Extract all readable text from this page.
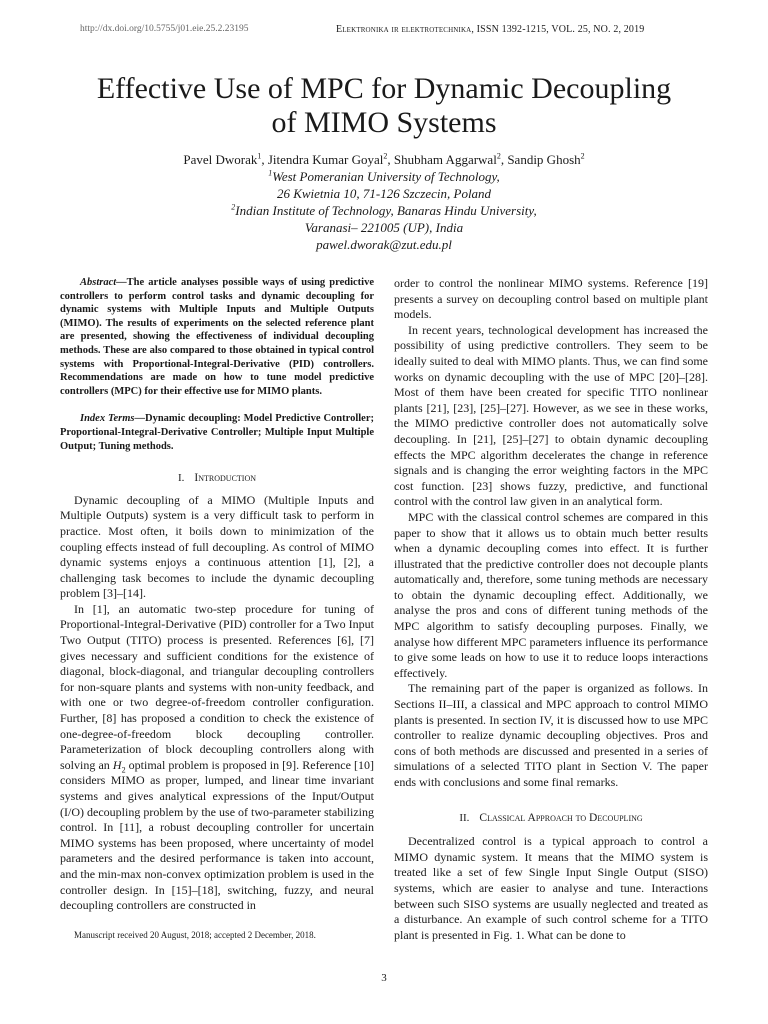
http://dx.doi.org/10.5755/j01.eie.25.2.23195	Elektronika ir elektrotechnika, ISSN 1392-1215, VOL. 25, NO. 2, 2019
Effective Use of MPC for Dynamic Decoupling
of MIMO Systems
Pavel Dworak$^1$, Jitendra Kumar Goyal$^2$, Shubham Aggarwal$^2$, Sandip Ghosh$^2$
$^1$West Pomeranian University of Technology,
26 Kwietnia 10, 71-126 Szczecin, Poland
$^2$Indian Institute of Technology, Banaras Hindu University,
Varanasi– 221005 (UP), India
pawel.dworak@zut.edu.pl

Abstract—The article analyses possible ways of using predictive controllers to perform control tasks and dynamic decoupling for dynamic systems with Multiple Inputs and Multiple Outputs (MIMO). The results of experiments on the selected reference plant are presented, showing the effectiveness of individual decoupling methods. These are also compared to those obtained in typical control systems with Proportional-Integral-Derivative (PID) controllers. Recommendations are made on how to tune model predictive controllers (MPC) for their effective use for MIMO plants.

Index Terms—Dynamic decoupling: Model Predictive Controller; Proportional-Integral-Derivative Controller; Multiple Input Multiple Output; Tuning methods.

I. Introduction

Dynamic decoupling of a MIMO (Multiple Inputs and Multiple Outputs) system is a very difficult task to perform in practice. Most often, it boils down to minimization of the coupling effects instead of full decoupling. As control of MIMO dynamic systems enjoys a continuous attention [1], [2], a challenging task becomes to include the dynamic decoupling problem [3]–[14].

In [1], an automatic two-step procedure for tuning of Proportional-Integral-Derivative (PID) controller for a Two Input Two Output (TITO) process is presented. References [6], [7] gives necessary and sufficient conditions for the existence of diagonal, block-diagonal, and triangular decoupling controllers for non-square plants and systems with non-unity feedback, and with one or two degree-of-freedom controller configuration. Further, [8] has proposed a condition to check the existence of one-degree-of-freedom block decoupling controller. Parameterization of block decoupling controllers along with solving an $H_2$ optimal problem is proposed in [9]. Reference [10] considers MIMO as proper, lumped, and linear time invariant systems and gives analytical expressions of the Input/Output (I/O) decoupling problem by the use of two-parameter stabilizing control. In [11], a robust decoupling controller for uncertain MIMO systems has been proposed, where uncertainty of model parameters and the desired performance is taken into account, and the min-max non-convex optimization problem is used in the controller design. In [15]–[18], switching, fuzzy, and neural decoupling controllers are constructed in

order to control the nonlinear MIMO systems. Reference [19] presents a survey on decoupling control based on multiple plant models.

In recent years, technological development has increased the possibility of using predictive controllers. They seem to be ideally suited to deal with MIMO plants. Thus, we can find some works on dynamic decoupling with the use of MPC [20]–[28]. Most of them have been created for specific TITO nonlinear plants [21], [23], [25]–[27]. However, as we see in these works, the MIMO predictive controller does not automatically solve decoupling. In [21], [25]–[27] to obtain dynamic decoupling effects the MPC algorithm decelerates the change in reference signals and is changing the error weighting factors in the MPC cost function. [23] shows fuzzy, predictive, and functional control with the control law given in an analytical form.

MPC with the classical control schemes are compared in this paper to show that it allows us to obtain much better results when a dynamic decoupling comes into effect. It is further illustrated that the predictive controller does not decouple plants automatically and, therefore, some tuning methods are necessary to obtain the dynamic decoupling effect. Additionally, we analyse the pros and cons of different tuning methods of the MPC algorithm to satisfy decoupling purposes. Finally, we analyse how different MPC parameters influence its performance to give some leads on how to use it to reduce loops interactions effectively.

The remaining part of the paper is organized as follows. In Sections II–III, a classical and MPC approach to control MIMO plants is presented. In section IV, it is discussed how to use MPC controller to realize dynamic decoupling objectives. Pros and cons of both methods are discussed and presented in a series of simulations of a selected TITO plant in Section V. The paper ends with conclusions and some final remarks.

II. Classical Approach to Decoupling

Decentralized control is a typical approach to control a MIMO dynamic system. It means that the MIMO system is treated like a set of few Single Input Single Output (SISO) systems, which are easier to analyse and tune. Interactions between such SISO systems are usually neglected and treated as a disturbance. An example of such control scheme for a TITO plant is presented in Fig. 1. What can be done to

Manuscript received 20 August, 2018; accepted 2 December, 2018.
3
